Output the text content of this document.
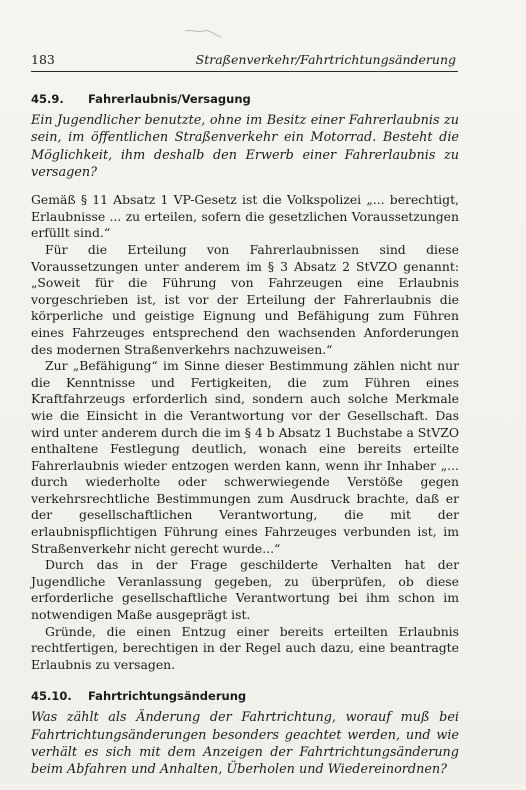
183	Straßenverkehr/Fahrtrichtungsänderung
45.9. Fahrerlaubnis/Versagung

Ein Jugendlicher benutzte, ohne im Besitz einer Fahrerlaubnis zu sein, im öffentlichen Straßenverkehr ein Motorrad. Besteht die Möglichkeit, ihm deshalb den Erwerb einer Fahrerlaubnis zu versagen?

Gemäß § 11 Absatz 1 VP-Gesetz ist die Volkspolizei „... berechtigt, Erlaubnisse ... zu erteilen, sofern die gesetzlichen Voraussetzungen erfüllt sind.“

Für die Erteilung von Fahrerlaubnissen sind diese Voraussetzungen unter anderem im § 3 Absatz 2 StVZO genannt: „Soweit für die Führung von Fahrzeugen eine Erlaubnis vorgeschrieben ist, ist vor der Erteilung der Fahrerlaubnis die körperliche und geistige Eignung und Befähigung zum Führen eines Fahrzeuges entsprechend den wachsenden Anforderungen des modernen Straßenverkehrs nachzuweisen.“

Zur „Befähigung“ im Sinne dieser Bestimmung zählen nicht nur die Kenntnisse und Fertigkeiten, die zum Führen eines Kraftfahrzeugs erforderlich sind, sondern auch solche Merkmale wie die Einsicht in die Verantwortung vor der Gesellschaft. Das wird unter anderem durch die im § 4 b Absatz 1 Buchstabe a StVZO enthaltene Festlegung deutlich, wonach eine bereits erteilte Fahrerlaubnis wieder entzogen werden kann, wenn ihr Inhaber „... durch wiederholte oder schwerwiegende Verstöße gegen verkehrsrechtliche Bestimmungen zum Ausdruck brachte, daß er der gesellschaftlichen Verantwortung, die mit der erlaubnispflichtigen Führung eines Fahrzeuges verbunden ist, im Straßenverkehr nicht gerecht wurde...“

Durch das in der Frage geschilderte Verhalten hat der Jugendliche Veranlassung gegeben, zu überprüfen, ob diese erforderliche gesellschaftliche Verantwortung bei ihm schon im notwendigen Maße ausgeprägt ist.

Gründe, die einen Entzug einer bereits erteilten Erlaubnis rechtfertigen, berechtigen in der Regel auch dazu, eine beantragte Erlaubnis zu versagen.

45.10. Fahrtrichtungsänderung

Was zählt als Änderung der Fahrtrichtung, worauf muß bei Fahrtrichtungsänderungen besonders geachtet werden, und wie verhält es sich mit dem Anzeigen der Fahrtrichtungsänderung beim Abfahren und Anhalten, Überholen und Wiedereinordnen?
